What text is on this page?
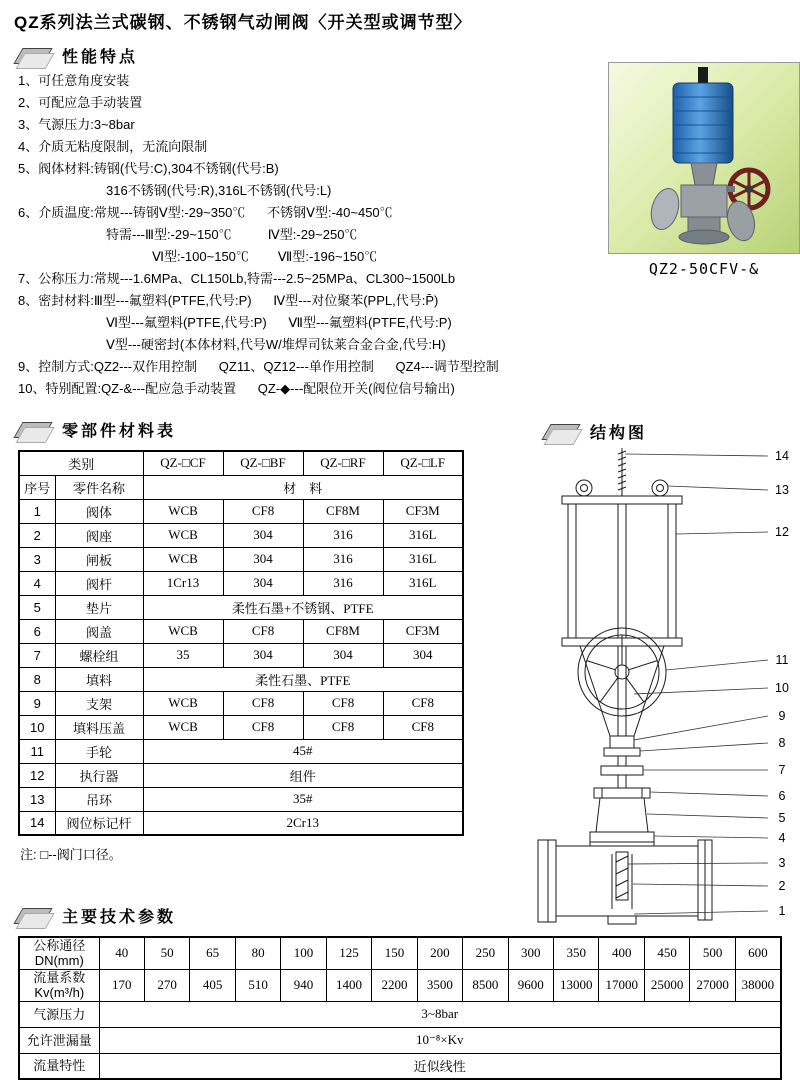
QZ系列法兰式碳钢、不锈钢气动闸阀〈开关型或调节型〉
性能特点
1、可任意角度安装
2、可配应急手动装置
3、气源压力:3~8bar
4、介质无粘度限制，无流向限制
5、阀体材料:铸钢(代号:C),304不锈钢(代号:B)
316不锈钢(代号:R),316L不锈钢(代号:L)
6、介质温度:常规---铸钢Ⅴ型:-29~350℃      不锈钢Ⅴ型:-40~450℃
特需---Ⅲ型:-29~150℃          Ⅳ型:-29~250℃
Ⅵ型:-100~150℃        Ⅶ型:-196~150℃
7、公称压力:常规---1.6MPa、CL150Lb,特需---2.5~25MPa、CL300~1500Lb
8、密封材料:Ⅲ型---氟塑料(PTFE,代号:P)      Ⅳ型---对位聚苯(PPL,代号:P̄)
Ⅵ型---氟塑料(PTFE,代号:P)      Ⅶ型---氟塑料(PTFE,代号:P)
Ⅴ型---硬密封(本体材料,代号W/堆焊司钛莱合金合金,代号:H)
9、控制方式:QZ2---双作用控制      QZ11、QZ12---单作用控制      QZ4---调节型控制
10、特别配置:QZ-&---配应急手动装置      QZ-◆---配限位开关(阀位信号输出)
QZ2-50CFV-&
零部件材料表
类别		QZ-□CF	QZ-□BF	QZ-□RF	QZ-□LF
序号	零件名称	材    料			
1	阀体	WCB	CF8	CF8M	CF3M
2	阀座	WCB	304	316	316L
3	闸板	WCB	304	316	316L
4	阀杆	1Cr13	304	316	316L
5	垫片	柔性石墨+不锈钢、PTFE			
6	阀盖	WCB	CF8	CF8M	CF3M
7	螺栓组	35	304	304	304
8	填料	柔性石墨、PTFE			
9	支架	WCB	CF8	CF8	CF8
10	填料压盖	WCB	CF8	CF8	CF8
11	手轮	45#			
12	执行器	组件			
13	吊环	35#			
14	阀位标记杆	2Cr13			
注: □--阀门口径。
结构图
14
13
12
11
10
9
8
7
6
5
4
3
2
1
主要技术参数
公称通径
DN(mm)	40	50	65	80	100	125	150	200	250	300	350	400	450	500	600
流量系数
Kv(m³/h)	170	270	405	510	940	1400	2200	3500	8500	9600	13000	17000	25000	27000	38000
气源压力	3~8bar														
允许泄漏量	10⁻⁸×Kv														
流量特性	近似线性														
